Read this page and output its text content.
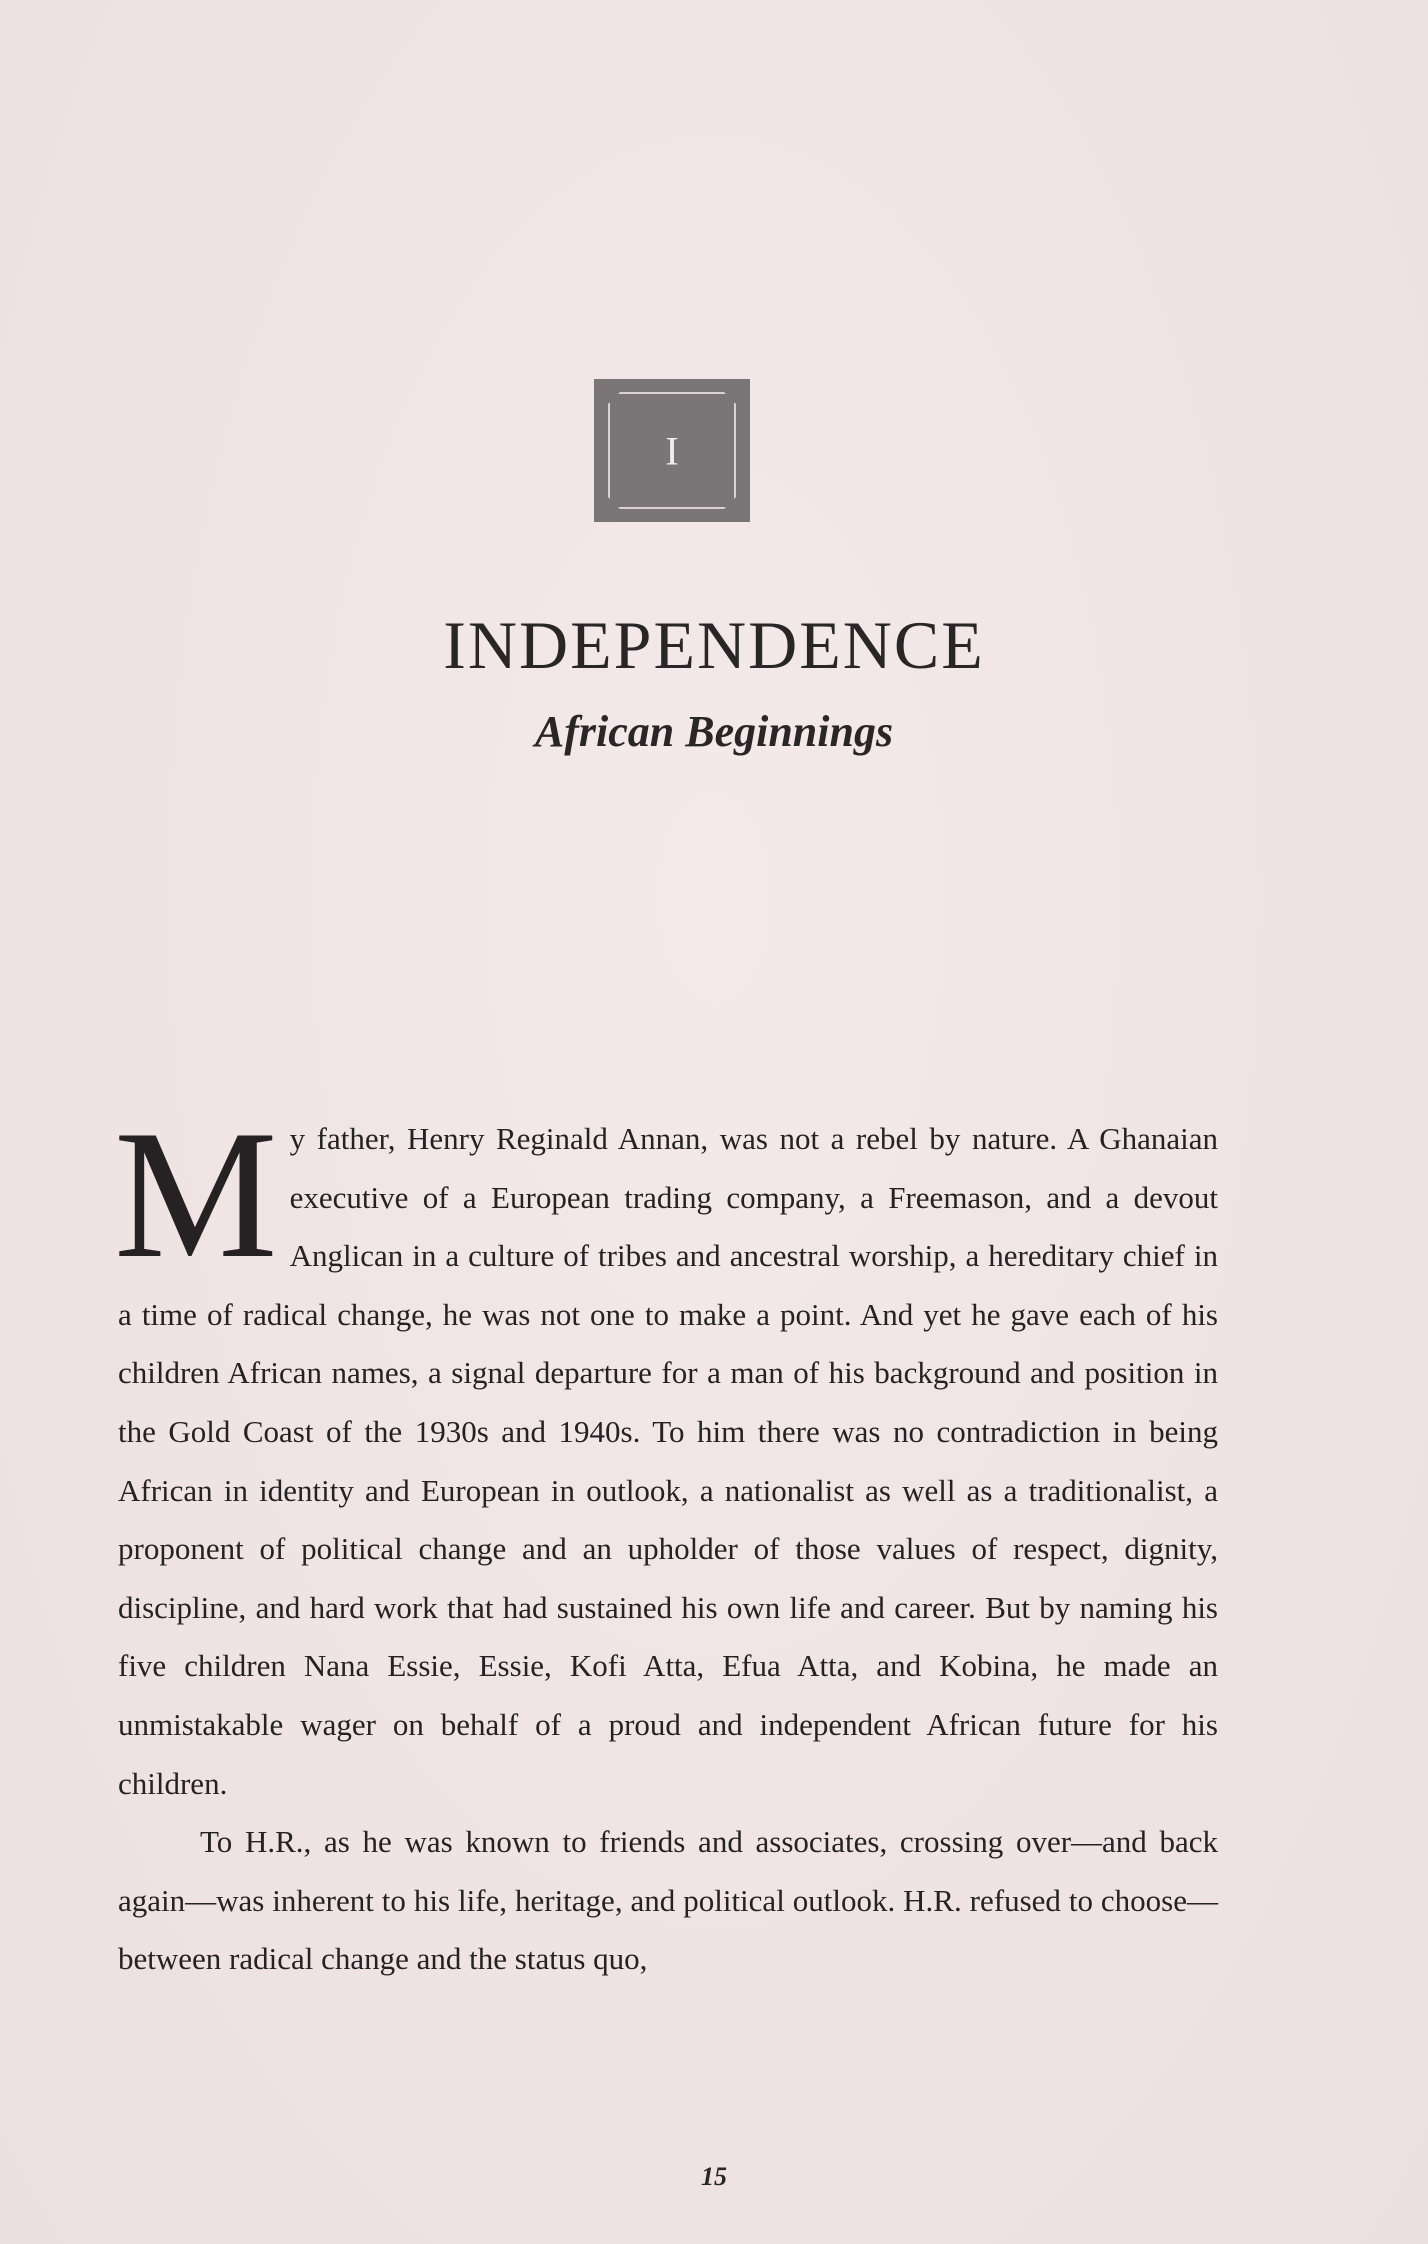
I
INDEPENDENCE
African Beginnings

My father, Henry Reginald Annan, was not a rebel by nature. A Ghanaian executive of a European trading company, a Freemason, and a devout Anglican in a culture of tribes and ancestral worship, a hereditary chief in a time of radical change, he was not one to make a point. And yet he gave each of his children African names, a signal departure for a man of his background and position in the Gold Coast of the 1930s and 1940s. To him there was no contradiction in being African in identity and European in outlook, a nationalist as well as a traditionalist, a proponent of political change and an upholder of those values of respect, dignity, discipline, and hard work that had sustained his own life and career. But by naming his five children Nana Essie, Essie, Kofi Atta, Efua Atta, and Kobina, he made an unmistakable wager on behalf of a proud and independent African future for his children.

To H.R., as he was known to friends and associates, crossing over—and back again—was inherent to his life, heritage, and political outlook. H.R. refused to choose—between radical change and the status quo,

15
